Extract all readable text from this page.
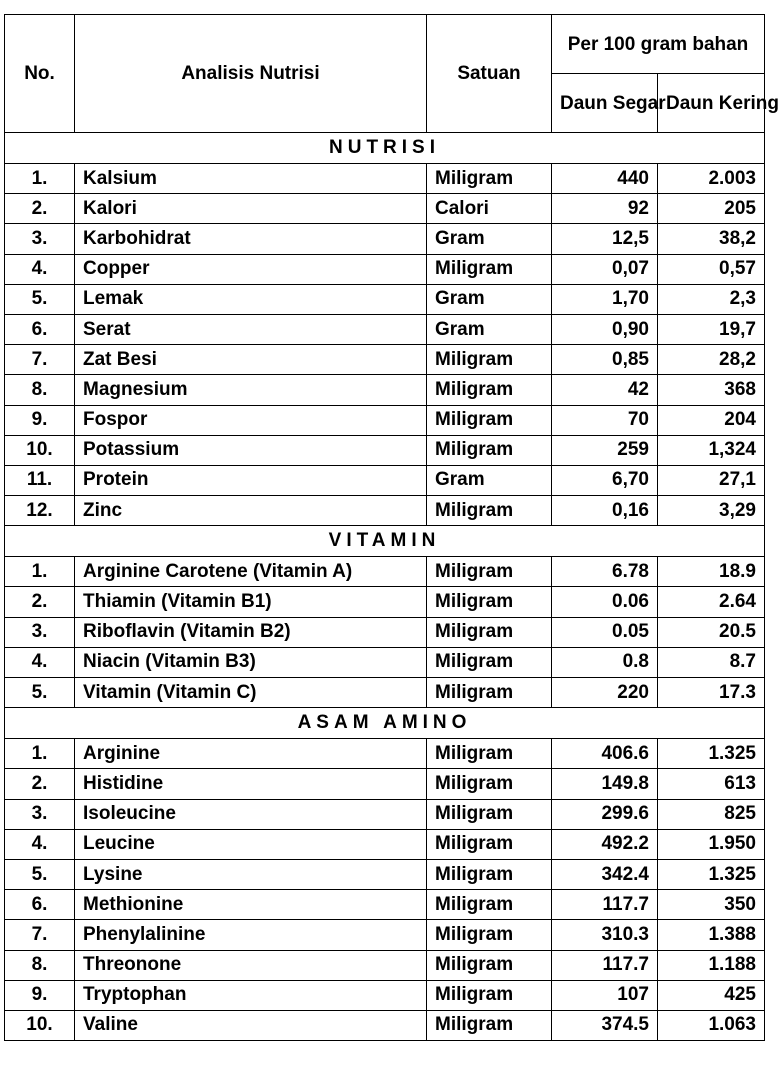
No.	Analisis Nutrisi	Satuan	Per 100 gram bahan	
			Daun Segar	Daun Kering
NUTRISI				
1.	Kalsium	Miligram	440	2.003
2.	Kalori	Calori	92	205
3.	Karbohidrat	Gram	12,5	38,2
4.	Copper	Miligram	0,07	0,57
5.	Lemak	Gram	1,70	2,3
6.	Serat	Gram	0,90	19,7
7.	Zat Besi	Miligram	0,85	28,2
8.	Magnesium	Miligram	42	368
9.	Fospor	Miligram	70	204
10.	Potassium	Miligram	259	1,324
11.	Protein	Gram	6,70	27,1
12.	Zinc	Miligram	0,16	3,29
VITAMIN				
1.	Arginine Carotene (Vitamin A)	Miligram	6.78	18.9
2.	Thiamin (Vitamin B1)	Miligram	0.06	2.64
3.	Riboflavin (Vitamin B2)	Miligram	0.05	20.5
4.	Niacin (Vitamin B3)	Miligram	0.8	8.7
5.	Vitamin (Vitamin C)	Miligram	220	17.3
ASAM AMINO				
1.	Arginine	Miligram	406.6	1.325
2.	Histidine	Miligram	149.8	613
3.	Isoleucine	Miligram	299.6	825
4.	Leucine	Miligram	492.2	1.950
5.	Lysine	Miligram	342.4	1.325
6.	Methionine	Miligram	117.7	350
7.	Phenylalinine	Miligram	310.3	1.388
8.	Threonone	Miligram	117.7	1.188
9.	Tryptophan	Miligram	107	425
10.	Valine	Miligram	374.5	1.063
